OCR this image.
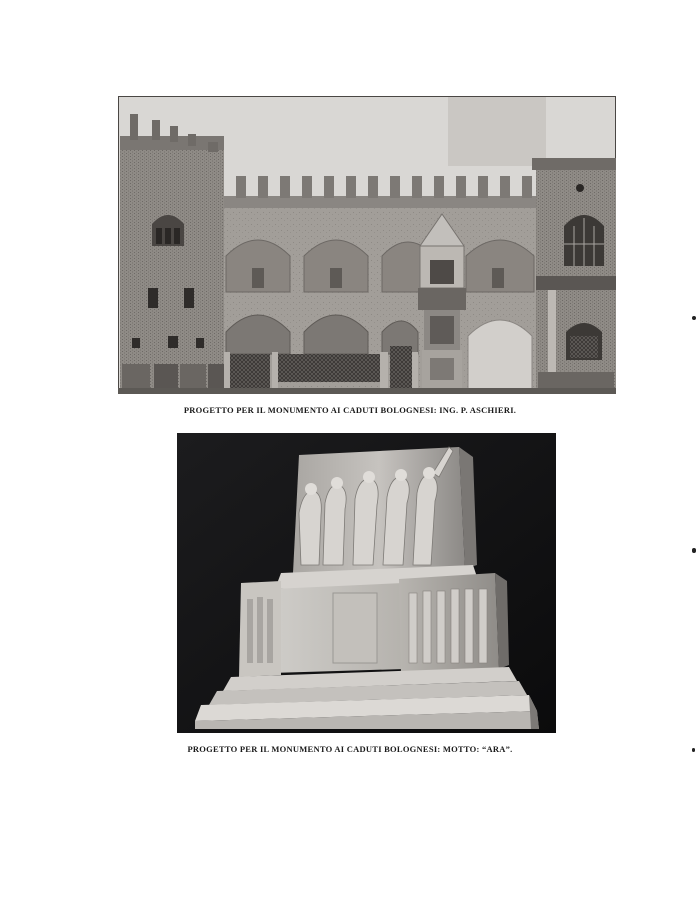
PROGETTO PER IL MONUMENTO AI CADUTI BOLOGNESI: ING. P. ASCHIERI.
PROGETTO PER IL MONUMENTO AI CADUTI BOLOGNESI: MOTTO: “ARA”.
